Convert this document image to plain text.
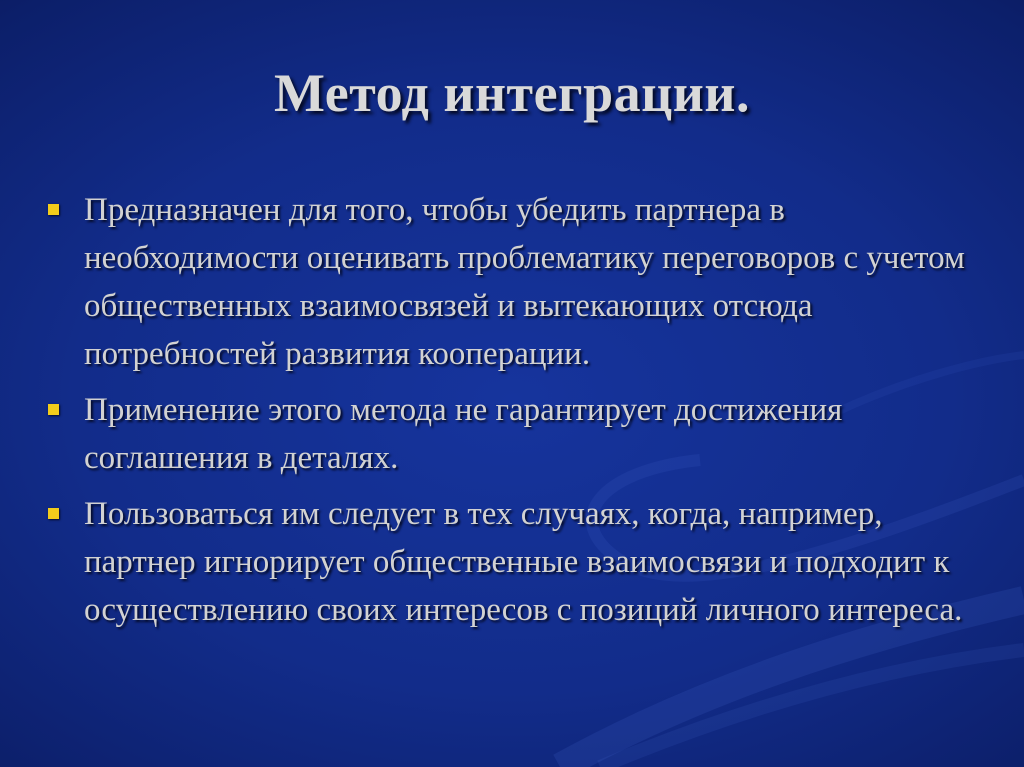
Метод интеграции.
Предназначен для того, чтобы убедить партнера в необходимости оценивать проблематику переговоров с учетом общественных взаимосвязей и вытекающих отсюда потребностей развития кооперации.
Применение этого метода не гарантирует достижения соглашения в деталях.
Пользоваться им следует в тех случаях, когда, например, партнер игнорирует общественные взаимосвязи и подходит к осуществлению своих интересов с позиций личного интереса.
